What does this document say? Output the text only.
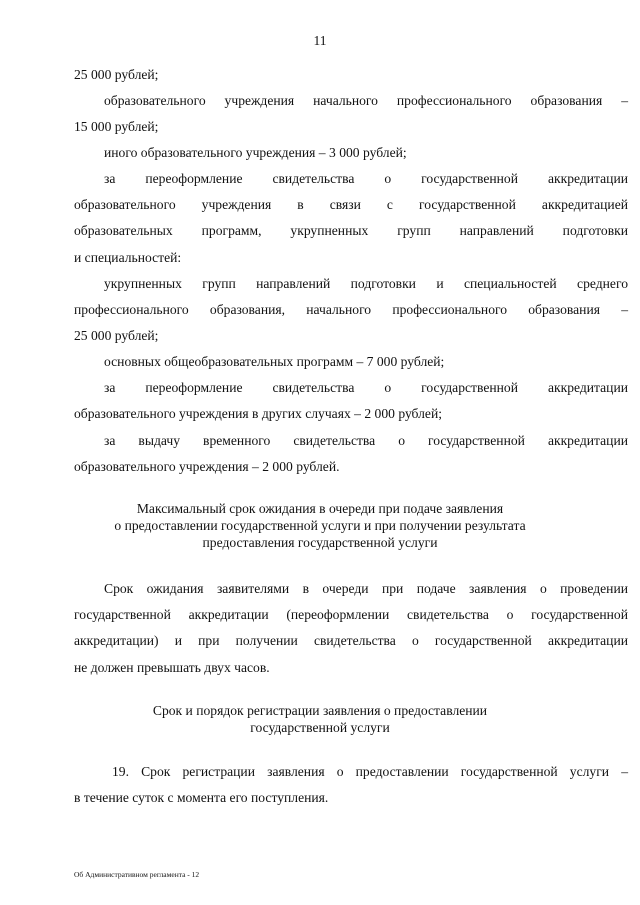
11

25 000 рублей;

образовательного учреждения начального профессионального образования –
15 000 рублей;
иного образовательного учреждения – 3 000 рублей;
за переоформление свидетельства о государственной аккредитации
образовательного учреждения в связи с государственной аккредитацией
образовательных программ, укрупненных групп направлений подготовки
и специальностей:
укрупненных групп направлений подготовки и специальностей среднего
профессионального образования, начального профессионального образования –
25 000 рублей;
основных общеобразовательных программ – 7 000 рублей;
за переоформление свидетельства о государственной аккредитации
образовательного учреждения в других случаях – 2 000 рублей;
за выдачу временного свидетельства о государственной аккредитации
образовательного учреждения – 2 000 рублей.
Максимальный срок ожидания в очереди при подаче заявления
о предоставлении государственной услуги и при получении результата
предоставления государственной услуги
Срок ожидания заявителями в очереди при подаче заявления о проведении
государственной аккредитации (переоформлении свидетельства о государственной
аккредитации) и при получении свидетельства о государственной аккредитации
не должен превышать двух часов.
Срок и порядок регистрации заявления о предоставлении
государственной услуги
19. Срок регистрации заявления о предоставлении государственной услуги –
в течение суток с момента его поступления.
Об Административном регламента - 12
